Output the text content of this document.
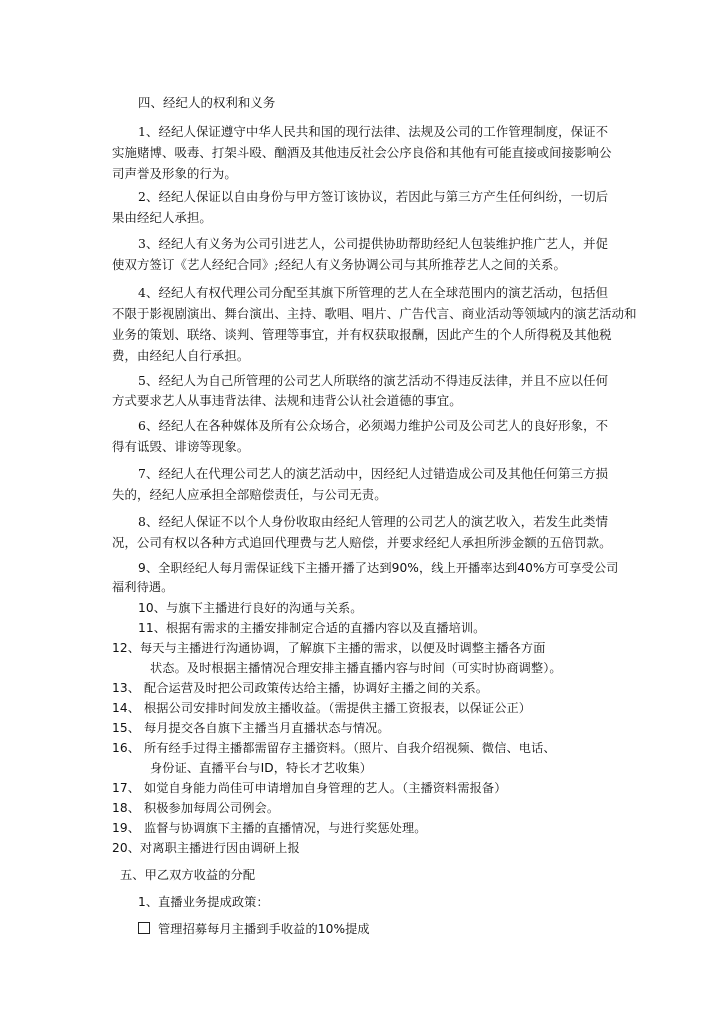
四、经纪人的权利和义务
1、经纪人保证遵守中华人民共和国的现行法律、法规及公司的工作管理制度，保证不
实施赌博、吸毒、打架斗殴、酗酒及其他违反社会公序良俗和其他有可能直接或间接影响公
司声誉及形象的行为。
2、经纪人保证以自由身份与甲方签订该协议，若因此与第三方产生任何纠纷，一切后
果由经纪人承担。
3、经纪人有义务为公司引进艺人，公司提供协助帮助经纪人包装维护推广艺人，并促
使双方签订《艺人经纪合同》;经纪人有义务协调公司与其所推荐艺人之间的关系。
4、经纪人有权代理公司分配至其旗下所管理的艺人在全球范围内的演艺活动，包括但
不限于影视剧演出、舞台演出、主持、歌唱、唱片、广告代言、商业活动等领域内的演艺活动和
业务的策划、联络、谈判、管理等事宜，并有权获取报酬，因此产生的个人所得税及其他税
费，由经纪人自行承担。
5、经纪人为自己所管理的公司艺人所联络的演艺活动不得违反法律，并且不应以任何
方式要求艺人从事违背法律、法规和违背公认社会道德的事宜。
6、经纪人在各种媒体及所有公众场合，必须竭力维护公司及公司艺人的良好形象，不
得有诋毁、诽谤等现象。
7、经纪人在代理公司艺人的演艺活动中，因经纪人过错造成公司及其他任何第三方损
失的，经纪人应承担全部赔偿责任，与公司无责。
8、经纪人保证不以个人身份收取由经纪人管理的公司艺人的演艺收入，若发生此类情
况，公司有权以各种方式追回代理费与艺人赔偿，并要求经纪人承担所涉金额的五倍罚款。
9、全职经纪人每月需保证线下主播开播了达到90%，线上开播率达到40%方可享受公司
福利待遇。
10、与旗下主播进行良好的沟通与关系。
11、根据有需求的主播安排制定合适的直播内容以及直播培训。
12、每天与主播进行沟通协调，了解旗下主播的需求，以便及时调整主播各方面
状态。及时根据主播情况合理安排主播直播内容与时间（可实时协商调整）。
13、 配合运营及时把公司政策传达给主播，协调好主播之间的关系。
14、 根据公司安排时间发放主播收益。（需提供主播工资报表，以保证公正）
15、 每月提交各自旗下主播当月直播状态与情况。
16、 所有经手过得主播都需留存主播资料。（照片、自我介绍视频、微信、电话、
身份证、直播平台与ID，特长才艺收集）
17、 如觉自身能力尚佳可申请增加自身管理的艺人。（主播资料需报备）
18、 积极参加每周公司例会。
19、 监督与协调旗下主播的直播情况，与进行奖惩处理。
20、对离职主播进行因由调研上报
五、甲乙双方收益的分配
1、直播业务提成政策：
管理招募每月主播到手收益的10%提成
